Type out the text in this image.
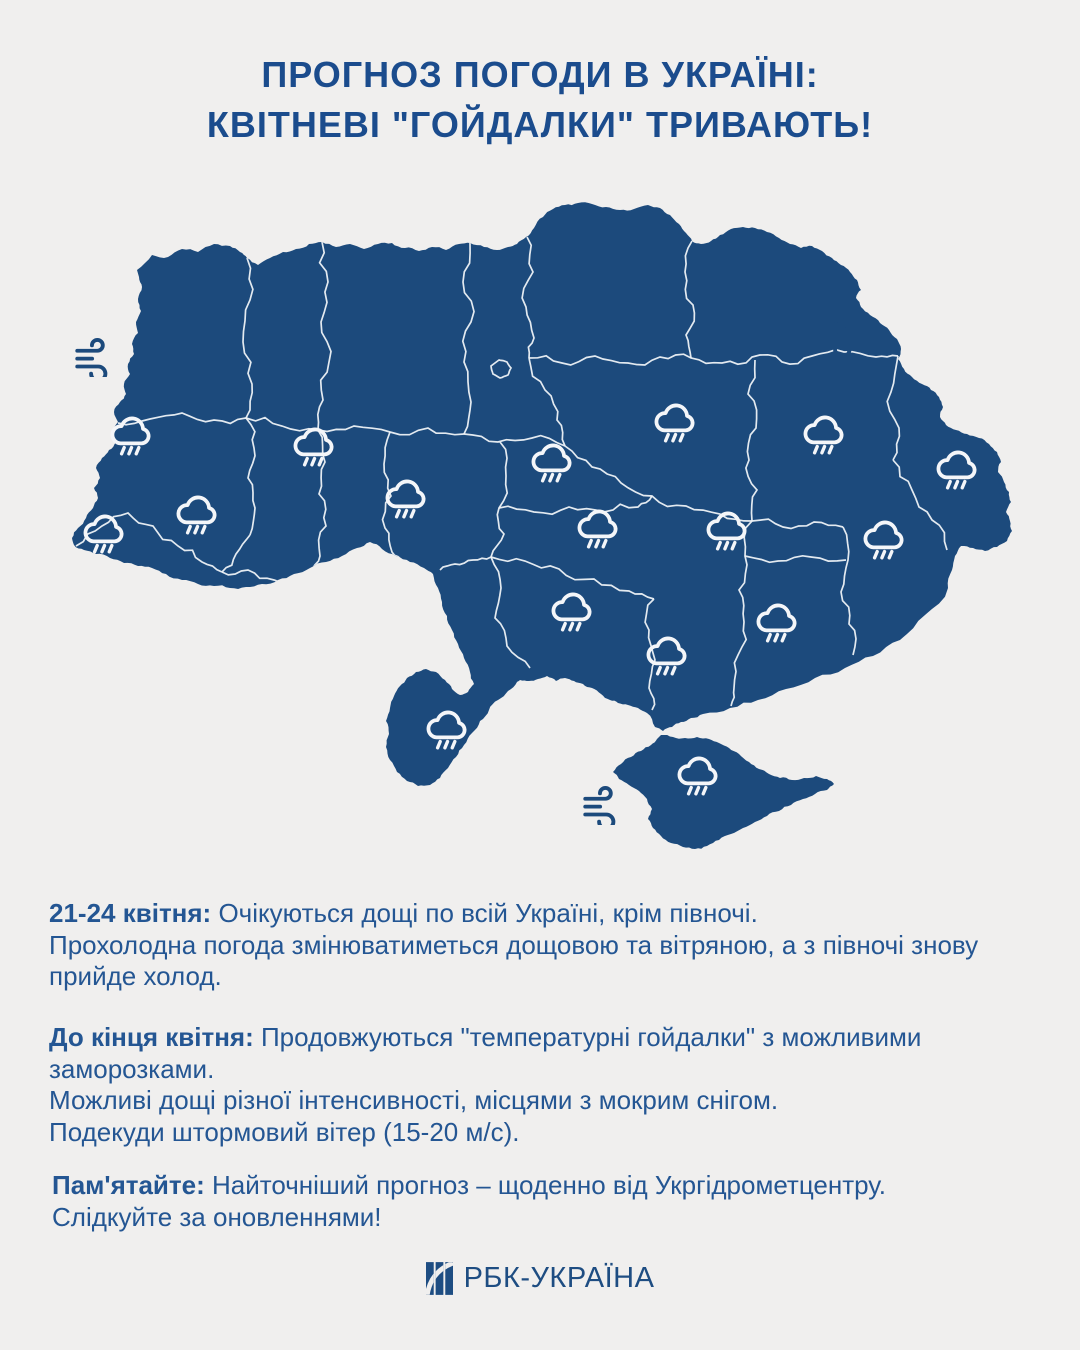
ПРОГНОЗ ПОГОДИ В УКРАЇНІ:
КВІТНЕВІ "ГОЙДАЛКИ" ТРИВАЮТЬ!

21-24 квітня: Очікуються дощі по всій Україні, крім півночі.
Прохолодна погода змінюватиметься дощовою та вітряною, а з півночі знову
прийде холод.

До кінця квітня: Продовжуються "температурні гойдалки" з можливими заморозками.
Можливі дощі різної інтенсивності, місцями з мокрим снігом.
Подекуди штормовий вітер (15-20 м/с).

Пам'ятайте: Найточніший прогноз – щоденно від Укргідрометцентру.
Слідкуйте за оновленнями!

РБК-УКРАЇНА
